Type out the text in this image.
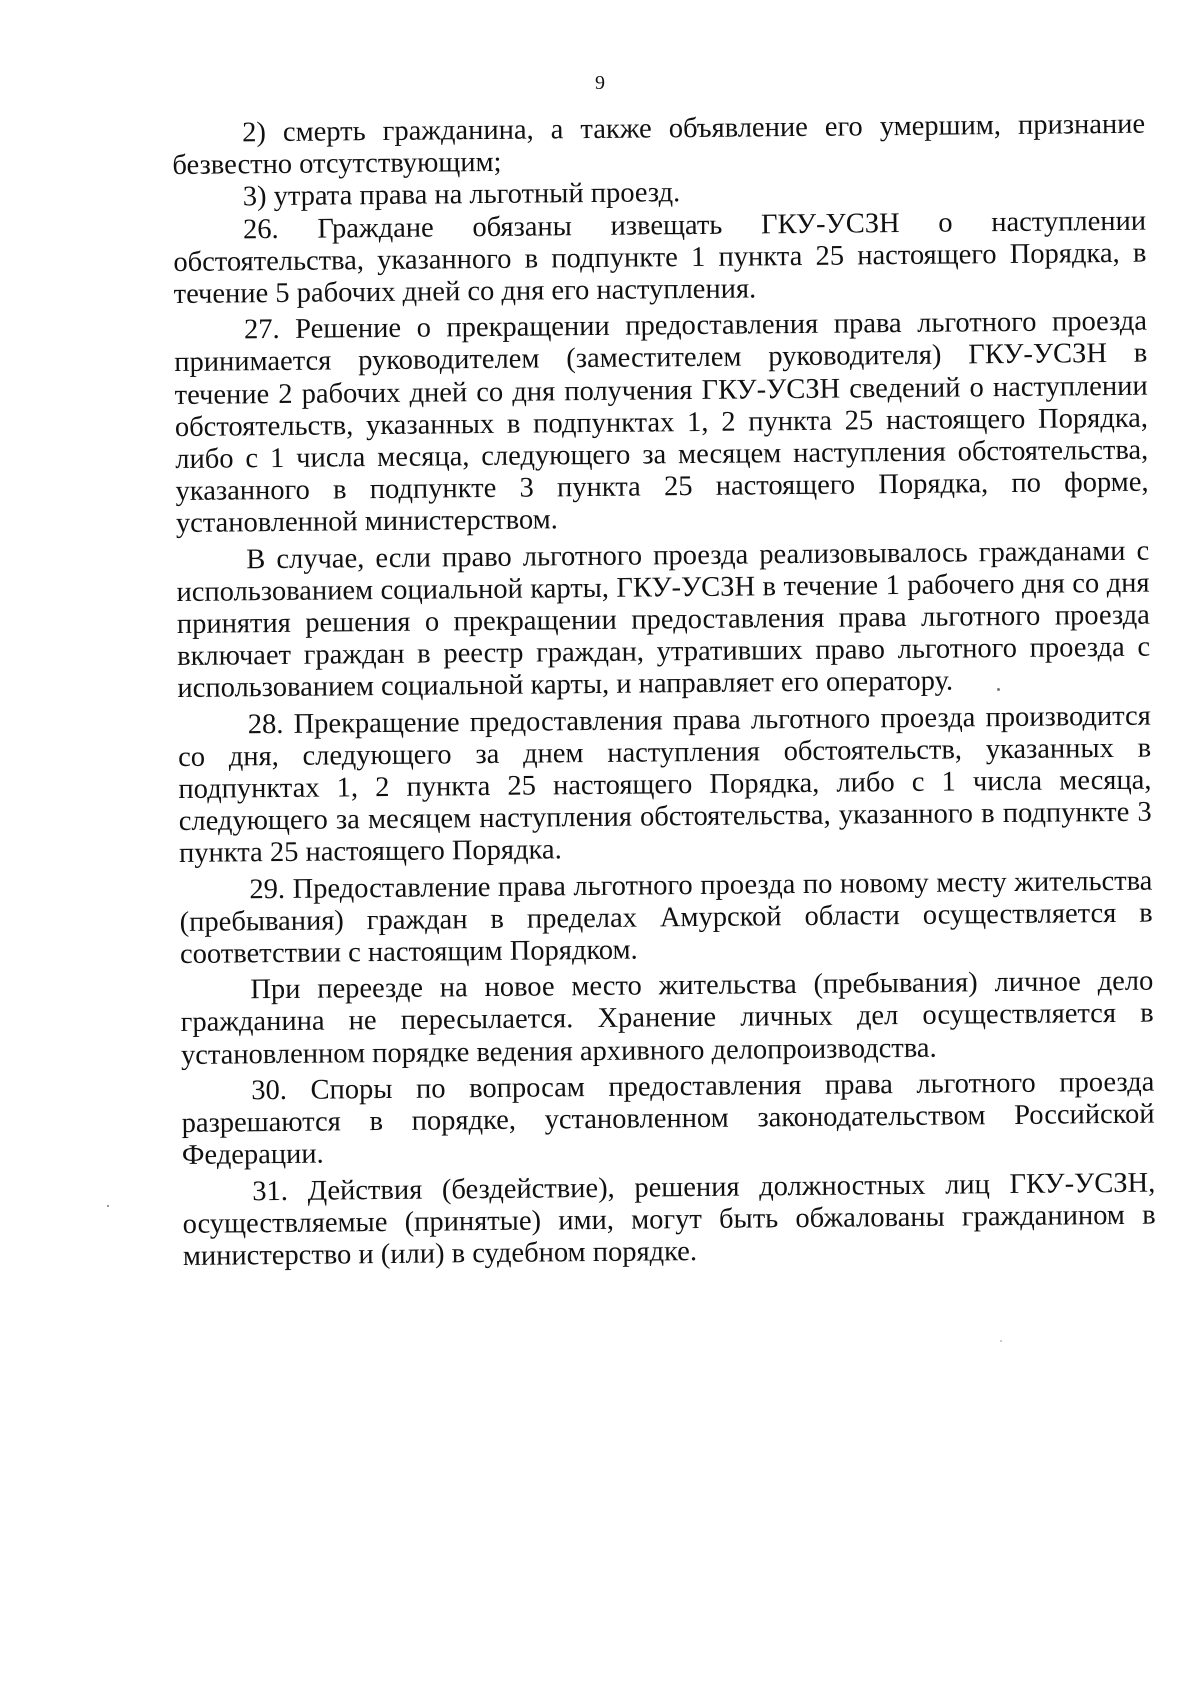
9

2) смерть гражданина, а также объявление его умершим, признание безвестно отсутствующим;

3) утрата права на льготный проезд.

26. Граждане обязаны извещать ГКУ-УСЗН о наступлении обстоятельства, указанного в подпункте 1 пункта 25 настоящего Порядка, в течение 5 рабочих дней со дня его наступления.

27. Решение о прекращении предоставления права льготного проезда принимается руководителем (заместителем руководителя) ГКУ-УСЗН в течение 2 рабочих дней со дня получения ГКУ-УСЗН сведений о наступлении обстоятельств, указанных в подпунктах 1, 2 пункта 25 настоящего Порядка, либо с 1 числа месяца, следующего за месяцем наступления обстоятельства, указанного в подпункте 3 пункта 25 настоящего Порядка, по форме, установленной министерством.

В случае, если право льготного проезда реализовывалось гражданами с использованием социальной карты, ГКУ-УСЗН в течение 1 рабочего дня со дня принятия решения о прекращении предоставления права льготного проезда включает граждан в реестр граждан, утративших право льготного проезда с использованием социальной карты, и направляет его оператору.

28. Прекращение предоставления права льготного проезда производится со дня, следующего за днем наступления обстоятельств, указанных в подпунктах 1, 2 пункта 25 настоящего Порядка, либо с 1 числа месяца, следующего за месяцем наступления обстоятельства, указанного в подпункте 3 пункта 25 настоящего Порядка.

29. Предоставление права льготного проезда по новому месту жительства (пребывания) граждан в пределах Амурской области осуществляется в соответствии с настоящим Порядком.

При переезде на новое место жительства (пребывания) личное дело гражданина не пересылается. Хранение личных дел осуществляется в установленном порядке ведения архивного делопроизводства.

30. Споры по вопросам предоставления права льготного проезда разрешаются в порядке, установленном законодательством Российской Федерации.

31. Действия (бездействие), решения должностных лиц ГКУ-УСЗН, осуществляемые (принятые) ими, могут быть обжалованы гражданином в министерство и (или) в судебном порядке.
